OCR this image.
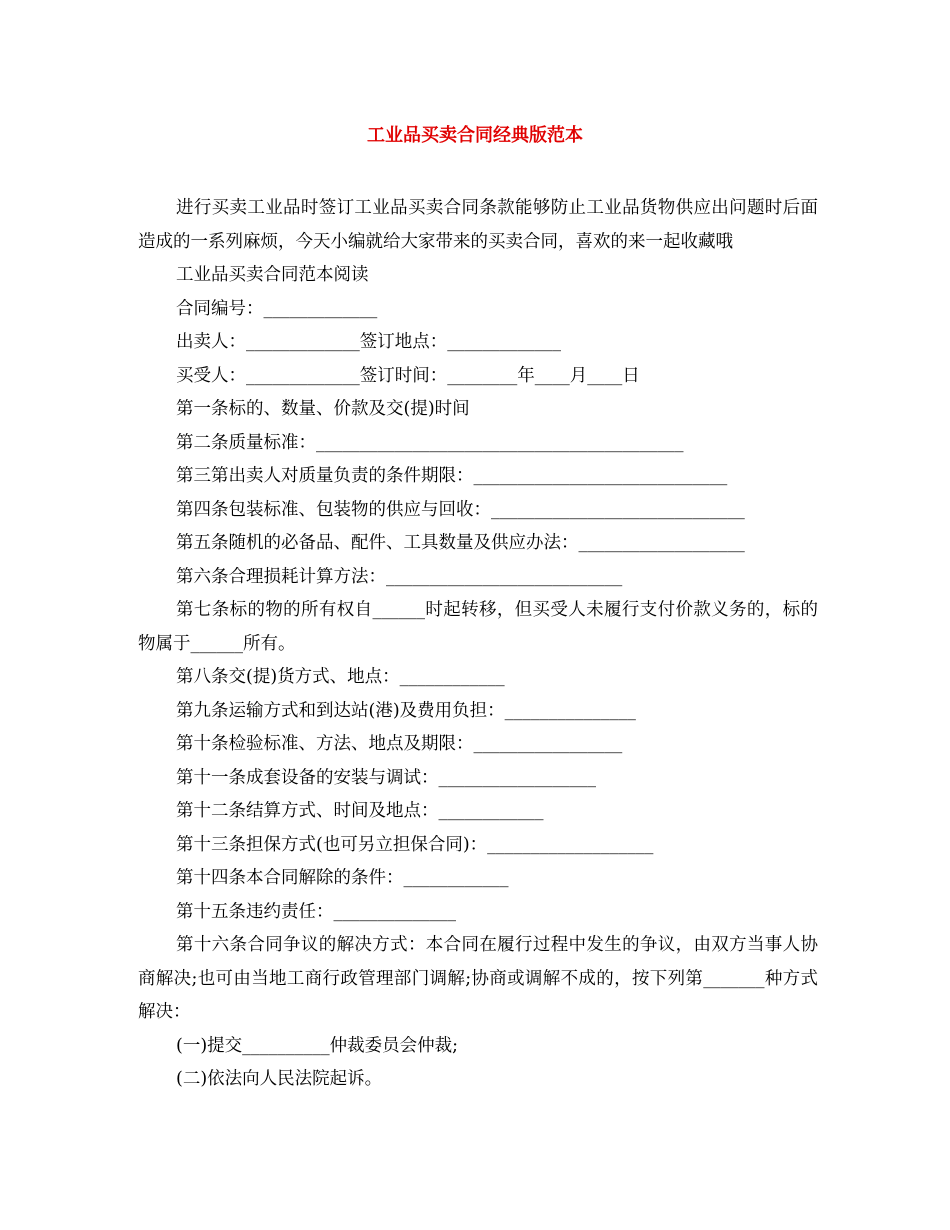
工业品买卖合同经典版范本

进行买卖工业品时签订工业品买卖合同条款能够防止工业品货物供应出问题时后面造成的一系列麻烦，今天小编就给大家带来的买卖合同，喜欢的来一起收藏哦

工业品买卖合同范本阅读

合同编号：_____________

出卖人：_____________签订地点：_____________

买受人：_____________签订时间：________年____月____日

第一条标的、数量、价款及交(提)时间

第二条质量标准：__________________________________________

第三第出卖人对质量负责的条件期限：_____________________________

第四条包装标准、包装物的供应与回收：_____________________________

第五条随机的必备品、配件、工具数量及供应办法：___________________

第六条合理损耗计算方法：___________________________

第七条标的物的所有权自______时起转移，但买受人未履行支付价款义务的，标的物属于______所有。

第八条交(提)货方式、地点：____________

第九条运输方式和到达站(港)及费用负担：_______________

第十条检验标准、方法、地点及期限：_________________

第十一条成套设备的安装与调试：__________________

第十二条结算方式、时间及地点：____________

第十三条担保方式(也可另立担保合同)：___________________

第十四条本合同解除的条件：____________

第十五条违约责任：______________

第十六条合同争议的解决方式：本合同在履行过程中发生的争议，由双方当事人协商解决;也可由当地工商行政管理部门调解;协商或调解不成的，按下列第_______种方式解决：

(一)提交__________仲裁委员会仲裁;

(二)依法向人民法院起诉。
